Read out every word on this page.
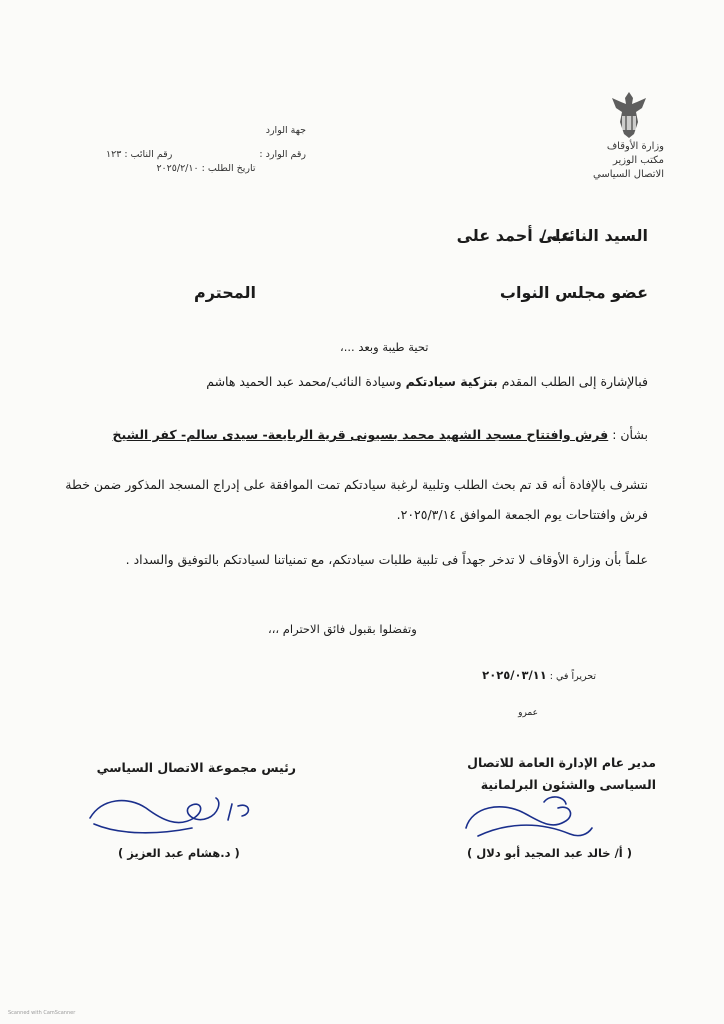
وزارة الأوقاف
مكتب الوزير
الاتصال السياسي
جهة الوارد
رقم الوارد :
رقم النائب : ١٢٣
تاريخ الطلب : ٢٠٢٥/٢/١٠
السيد النائب /
على أحمد على
عضو مجلس النواب
المحترم
تحية طيبة وبعد ...،
فبالإشارة إلى الطلب المقدم بتزكية سيادتكم وسيادة النائب/محمد عبد الحميد هاشم
بشأن : فرش وافتتاح مسجد الشهيد محمد بسيونى قرية الربايعة- سيدى سالم- كفر الشيخ
نتشرف بالإفادة أنه قد تم بحث الطلب وتلبية لرغبة سيادتكم تمت الموافقة على إدراج المسجد المذكور ضمن خطة فرش وافتتاحات يوم الجمعة الموافق ٢٠٢٥/٣/١٤.
علماً بأن وزارة الأوقاف لا تدخر جهداً فى تلبية طلبات سيادتكم، مع تمنياتنا لسيادتكم بالتوفيق والسداد .
وتفضلوا بقبول فائق الاحترام ،،،
تحريراً في : ٢٠٢٥/٠٣/١١
عمرو
مدير عام الإدارة العامة للاتصال
السياسى والشئون البرلمانية
رئيس مجموعة الاتصال السياسي
( أ/ خالد عبد المجيد أبو دلال )
( د.هشام عبد العزيز )
Scanned with CamScanner
